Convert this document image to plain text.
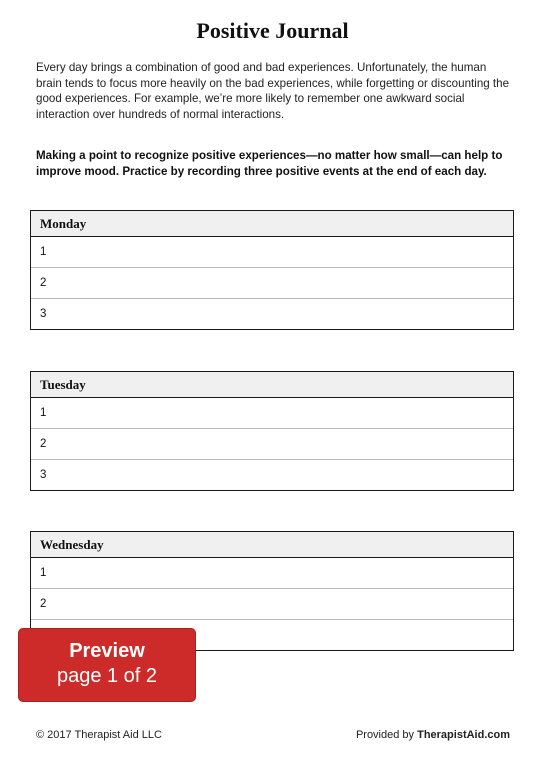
Positive Journal
Every day brings a combination of good and bad experiences. Unfortunately, the human brain tends to focus more heavily on the bad experiences, while forgetting or discounting the good experiences. For example, we’re more likely to remember one awkward social interaction over hundreds of normal interactions.
Making a point to recognize positive experiences—no matter how small—can help to improve mood. Practice by recording three positive events at the end of each day.
Monday
1
2
3
Tuesday
1
2
3
Wednesday
1
2
Preview
page 1 of 2
© 2017 Therapist Aid LLC	Provided by TherapistAid.com
